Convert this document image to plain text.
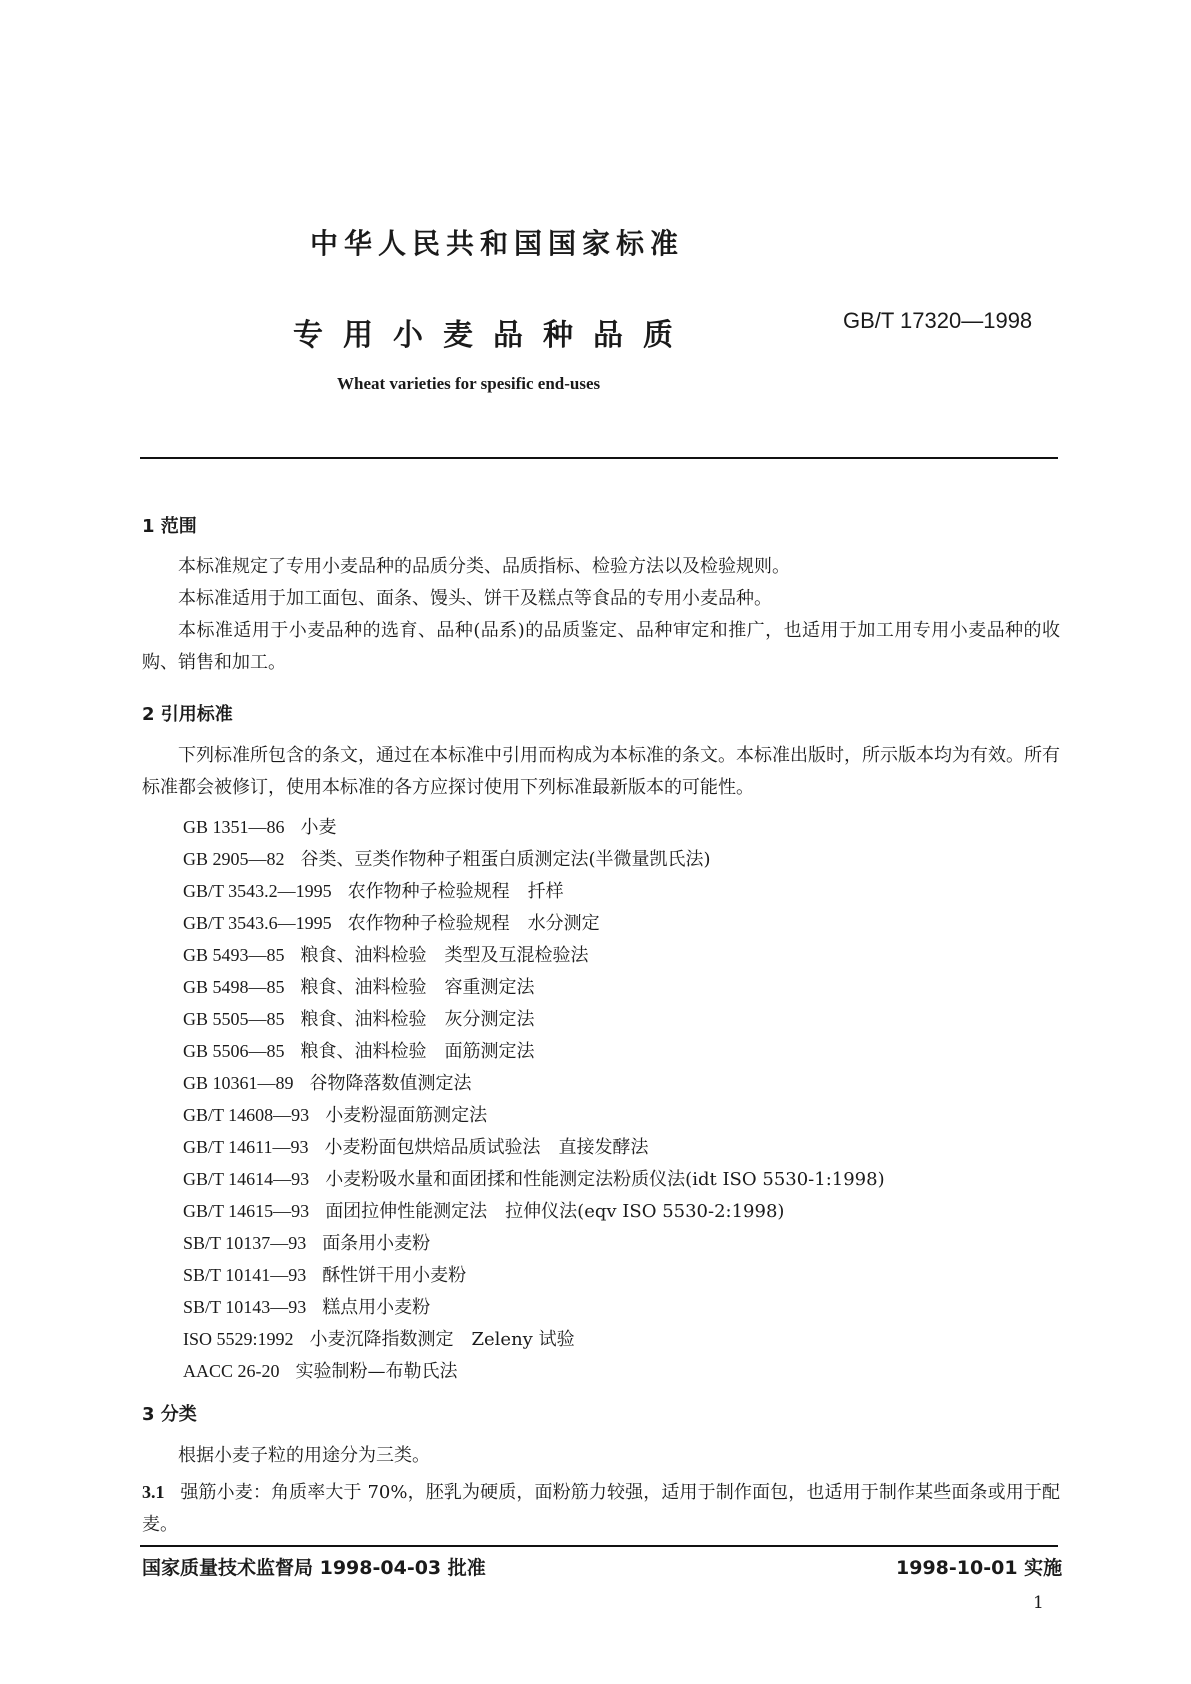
中华人民共和国国家标准
专用小麦品种品质	GB/T 17320—1998
Wheat varieties for spesific end-uses
1 范围
本标准规定了专用小麦品种的品质分类、品质指标、检验方法以及检验规则。
本标准适用于加工面包、面条、馒头、饼干及糕点等食品的专用小麦品种。
本标准适用于小麦品种的选育、品种(品系)的品质鉴定、品种审定和推广，也适用于加工用专用小麦品种的收购、销售和加工。
2 引用标准
下列标准所包含的条文，通过在本标准中引用而构成为本标准的条文。本标准出版时，所示版本均为有效。所有标准都会被修订，使用本标准的各方应探讨使用下列标准最新版本的可能性。
GB 1351—86 小麦
GB 2905—82 谷类、豆类作物种子粗蛋白质测定法(半微量凯氏法)
GB/T 3543.2—1995 农作物种子检验规程　扦样
GB/T 3543.6—1995 农作物种子检验规程　水分测定
GB 5493—85 粮食、油料检验　类型及互混检验法
GB 5498—85 粮食、油料检验　容重测定法
GB 5505—85 粮食、油料检验　灰分测定法
GB 5506—85 粮食、油料检验　面筋测定法
GB 10361—89 谷物降落数值测定法
GB/T 14608—93 小麦粉湿面筋测定法
GB/T 14611—93 小麦粉面包烘焙品质试验法　直接发酵法
GB/T 14614—93 小麦粉吸水量和面团揉和性能测定法粉质仪法(idt ISO 5530-1:1998)
GB/T 14615—93 面团拉伸性能测定法　拉伸仪法(eqv ISO 5530-2:1998)
SB/T 10137—93 面条用小麦粉
SB/T 10141—93 酥性饼干用小麦粉
SB/T 10143—93 糕点用小麦粉
ISO 5529:1992 小麦沉降指数测定　Zeleny 试验
AACC 26-20 实验制粉—布勒氏法
3 分类
根据小麦子粒的用途分为三类。
3.1 强筋小麦：角质率大于 70%，胚乳为硬质，面粉筋力较强，适用于制作面包，也适用于制作某些面条或用于配麦。
国家质量技术监督局 1998-04-03 批准	1998-10-01 实施
1
